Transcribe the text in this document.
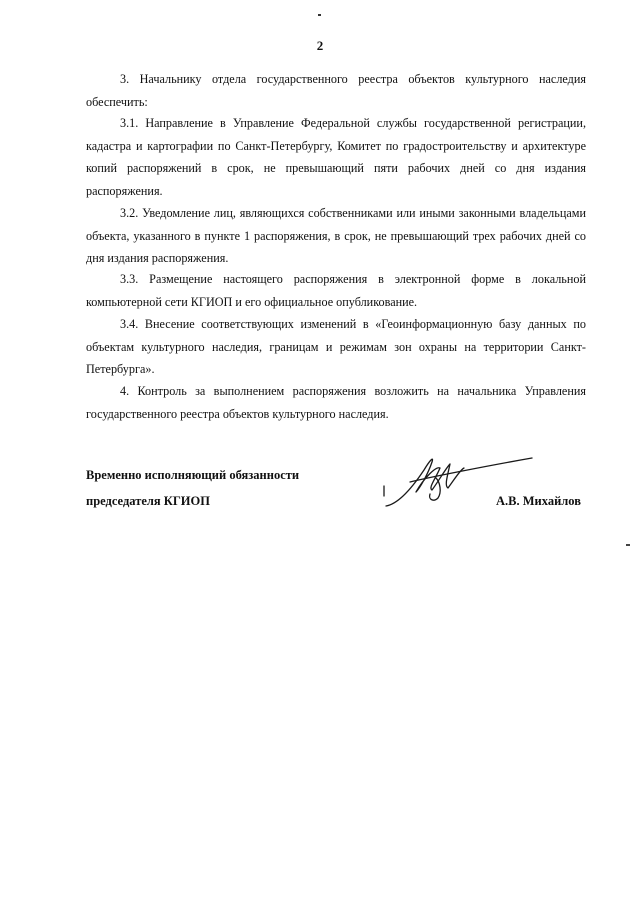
2

3. Начальнику отдела государственного реестра объектов культурного наследия обеспечить:

3.1. Направление в Управление Федеральной службы государственной регистрации, кадастра и картографии по Санкт-Петербургу, Комитет по градостроительству и архитектуре копий распоряжений в срок, не превышающий пяти рабочих дней со дня издания распоряжения.

3.2. Уведомление лиц, являющихся собственниками или иными законными владельцами объекта, указанного в пункте 1 распоряжения, в срок, не превышающий трех рабочих дней со дня издания распоряжения.

3.3. Размещение настоящего распоряжения в электронной форме в локальной компьютерной сети КГИОП и его официальное опубликование.

3.4. Внесение соответствующих изменений в «Геоинформационную базу данных по объектам культурного наследия, границам и режимам зон охраны на территории Санкт-Петербурга».

4. Контроль за выполнением распоряжения возложить на начальника Управления государственного реестра объектов культурного наследия.

Временно исполняющий обязанности
председателя КГИОП	А.В. Михайлов
